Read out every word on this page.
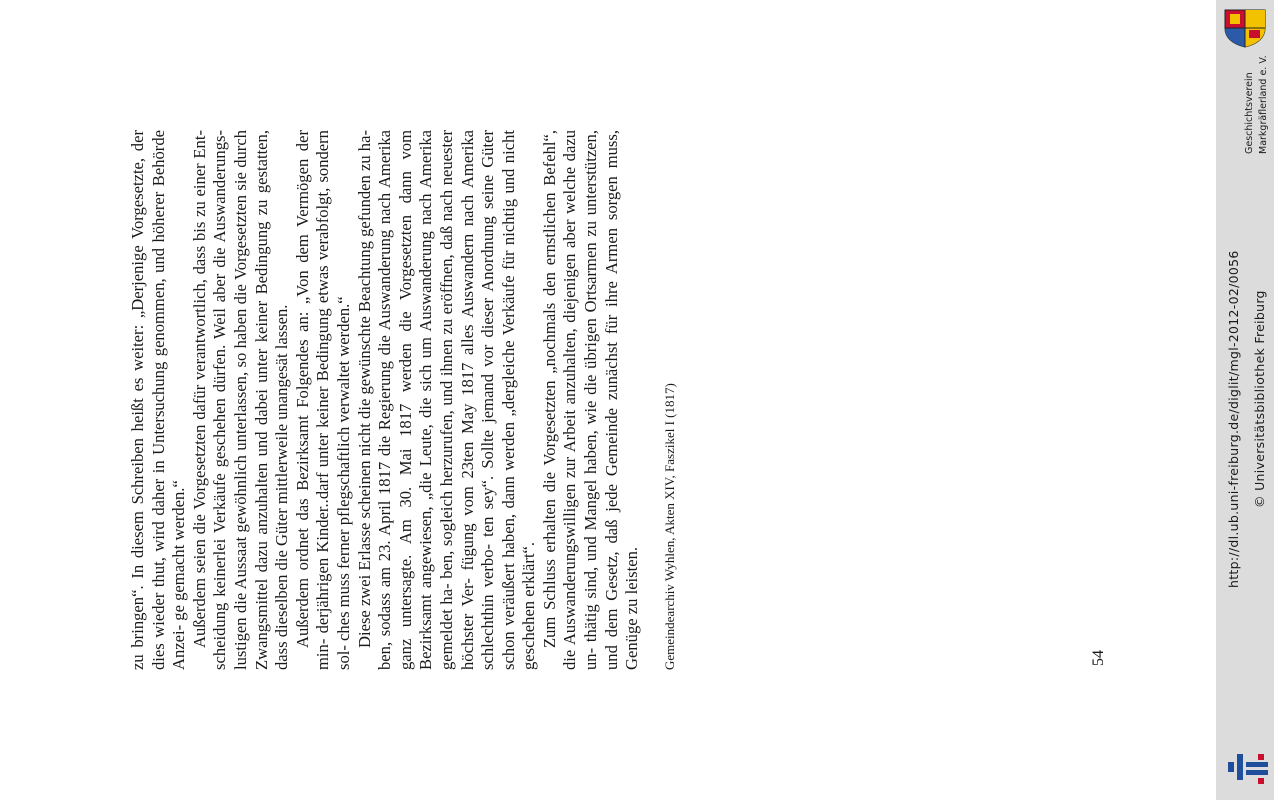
zu bringen“. In diesem Schreiben heißt es weiter: „Derjenige Vorgesetzte, der dies wieder thut, wird daher in Untersuchung genommen, und höherer Behörde Anzei- ge gemacht werden.“ Außerdem seien die Vorgesetzten dafür verantwortlich, dass bis zu einer Ent- scheidung keinerlei Verkäufe geschehen dürfen. Weil aber die Auswanderungs- lustigen die Aussaat gewöhnlich unterlassen, so haben die Vorgesetzten sie durch Zwangsmittel dazu anzuhalten und dabei unter keiner Bedingung zu gestatten, dass dieselben die Güter mittlerweile unangesät lassen. Außerdem ordnet das Bezirksamt Folgendes an: „Von dem Vermögen der min- derjährigen Kinder..darf unter keiner Bedingung etwas verabfolgt, sondern sol- ches muss ferner pflegschaftlich verwaltet werden.“ Diese zwei Erlasse scheinen nicht die gewünschte Beachtung gefunden zu ha- ben, sodass am 23. April 1817 die Regierung die Auswanderung nach Amerika ganz untersagte. Am 30. Mai 1817 werden die Vorgesetzten dann vom Bezirksamt angewiesen, „die Leute, die sich um Auswanderung nach Amerika gemeldet ha- ben, sogleich herzurufen, und ihnen zu eröffnen, daß nach neuester höchster Ver- fügung vom 23ten May 1817 alles Auswandern nach Amerika schlechthin verbo- ten sey“. Sollte jemand vor dieser Anordnung seine Güter schon veräußert haben, dann werden „dergleiche Verkäufe für nichtig und nicht geschehen erklärt“. Zum Schluss erhalten die Vorgesetzten „nochmals den ernstlichen Befehl“, die Auswanderungswilligen zur Arbeit anzuhalten, diejenigen aber welche dazu un- thätig sind, und Mangel haben, wie die übrigen Ortsarmen zu unterstützen, und dem Gesetz, daß jede Gemeinde zunächst für ihre Armen sorgen muss, Genüge zu leisten. Gemeindearchiv Wyhlen, Akten XIV, Faszikel I (1817)	54
http://dl.ub.uni-freiburg.de/diglit/mgl-2012-02/0056 © Universitätsbibliothek Freiburg
Geschichtsverein Markgräflerland e. V.
